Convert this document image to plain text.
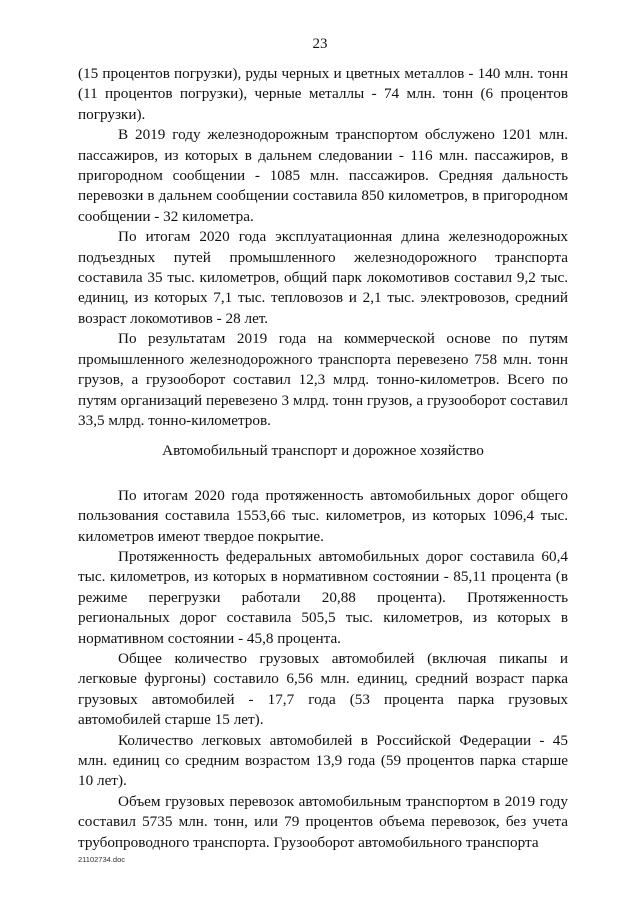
23

(15 процентов погрузки), руды черных и цветных металлов - 140 млн. тонн (11 процентов погрузки), черные металлы - 74 млн. тонн (6 процентов погрузки).

В 2019 году железнодорожным транспортом обслужено 1201 млн. пассажиров, из которых в дальнем следовании - 116 млн. пассажиров, в пригородном сообщении - 1085 млн. пассажиров. Средняя дальность перевозки в дальнем сообщении составила 850 километров, в пригородном сообщении - 32 километра.

По итогам 2020 года эксплуатационная длина железнодорожных подъездных путей промышленного железнодорожного транспорта составила 35 тыс. километров, общий парк локомотивов составил 9,2 тыс. единиц, из которых 7,1 тыс. тепловозов и 2,1 тыс. электровозов, средний возраст локомотивов - 28 лет.

По результатам 2019 года на коммерческой основе по путям промышленного железнодорожного транспорта перевезено 758 млн. тонн грузов, а грузооборот составил 12,3 млрд. тонно-километров. Всего по путям организаций перевезено 3 млрд. тонн грузов, а грузооборот составил 33,5 млрд. тонно-километров.

Автомобильный транспорт и дорожное хозяйство

По итогам 2020 года протяженность автомобильных дорог общего пользования составила 1553,66 тыс. километров, из которых 1096,4 тыс. километров имеют твердое покрытие.

Протяженность федеральных автомобильных дорог составила 60,4 тыс. километров, из которых в нормативном состоянии - 85,11 процента (в режиме перегрузки работали 20,88 процента). Протяженность региональных дорог составила 505,5 тыс. километров, из которых в нормативном состоянии - 45,8 процента.

Общее количество грузовых автомобилей (включая пикапы и легковые фургоны) составило 6,56 млн. единиц, средний возраст парка грузовых автомобилей - 17,7 года (53 процента парка грузовых автомобилей старше 15 лет).

Количество легковых автомобилей в Российской Федерации - 45 млн. единиц со средним возрастом 13,9 года (59 процентов парка старше 10 лет).

Объем грузовых перевозок автомобильным транспортом в 2019 году составил 5735 млн. тонн, или 79 процентов объема перевозок, без учета трубопроводного транспорта. Грузооборот автомобильного транспорта

21102734.doc
